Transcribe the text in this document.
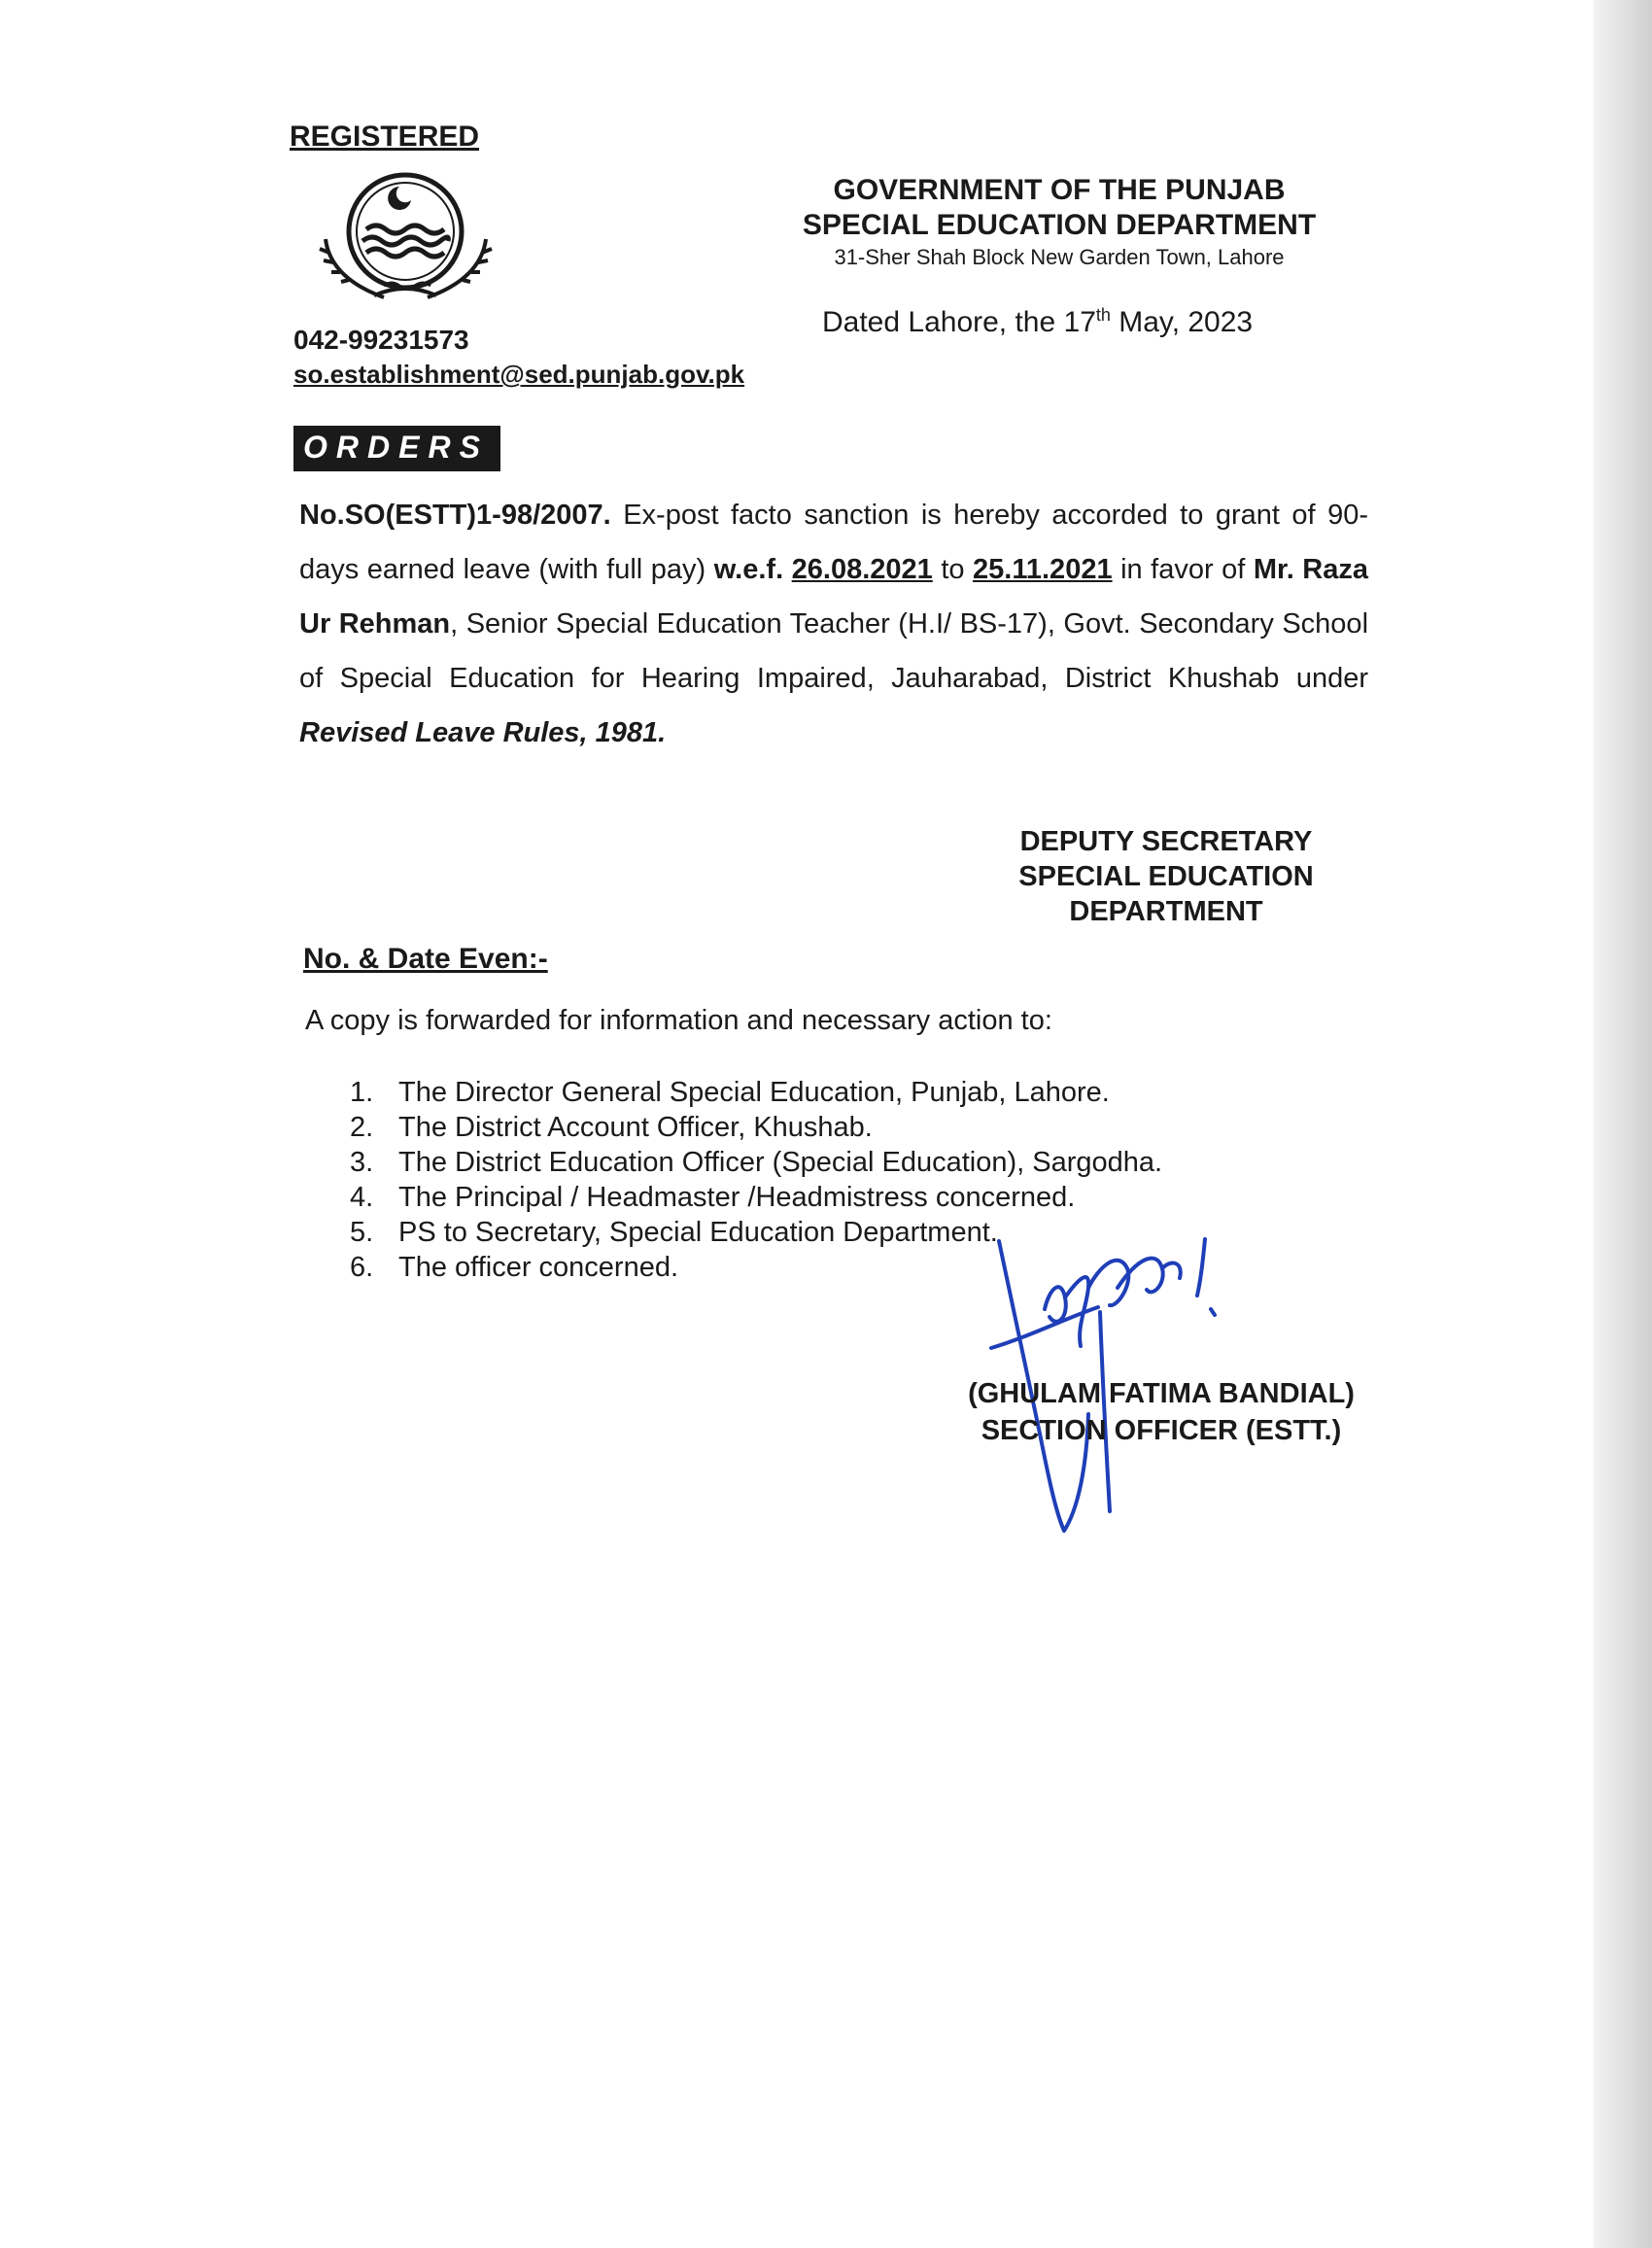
REGISTERED
042-99231573
so.establishment@sed.punjab.gov.pk
GOVERNMENT OF THE PUNJAB
SPECIAL EDUCATION DEPARTMENT
31-Sher Shah Block New Garden Town, Lahore
Dated Lahore, the 17th May, 2023
ORDERS
No.SO(ESTT)1-98/2007. Ex-post facto sanction is hereby accorded to grant of 90-days earned leave (with full pay) w.e.f. 26.08.2021 to 25.11.2021 in favor of Mr. Raza Ur Rehman, Senior Special Education Teacher (H.I/ BS-17), Govt. Secondary School of Special Education for Hearing Impaired, Jauharabad, District Khushab under Revised Leave Rules, 1981.
DEPUTY SECRETARY
SPECIAL EDUCATION
DEPARTMENT
No. & Date Even:-
A copy is forwarded for information and necessary action to:
1. The Director General Special Education, Punjab, Lahore.
2. The District Account Officer, Khushab.
3. The District Education Officer (Special Education), Sargodha.
4. The Principal / Headmaster /Headmistress concerned.
5. PS to Secretary, Special Education Department.
6. The officer concerned.
(GHULAM FATIMA BANDIAL)
SECTION OFFICER (ESTT.)
